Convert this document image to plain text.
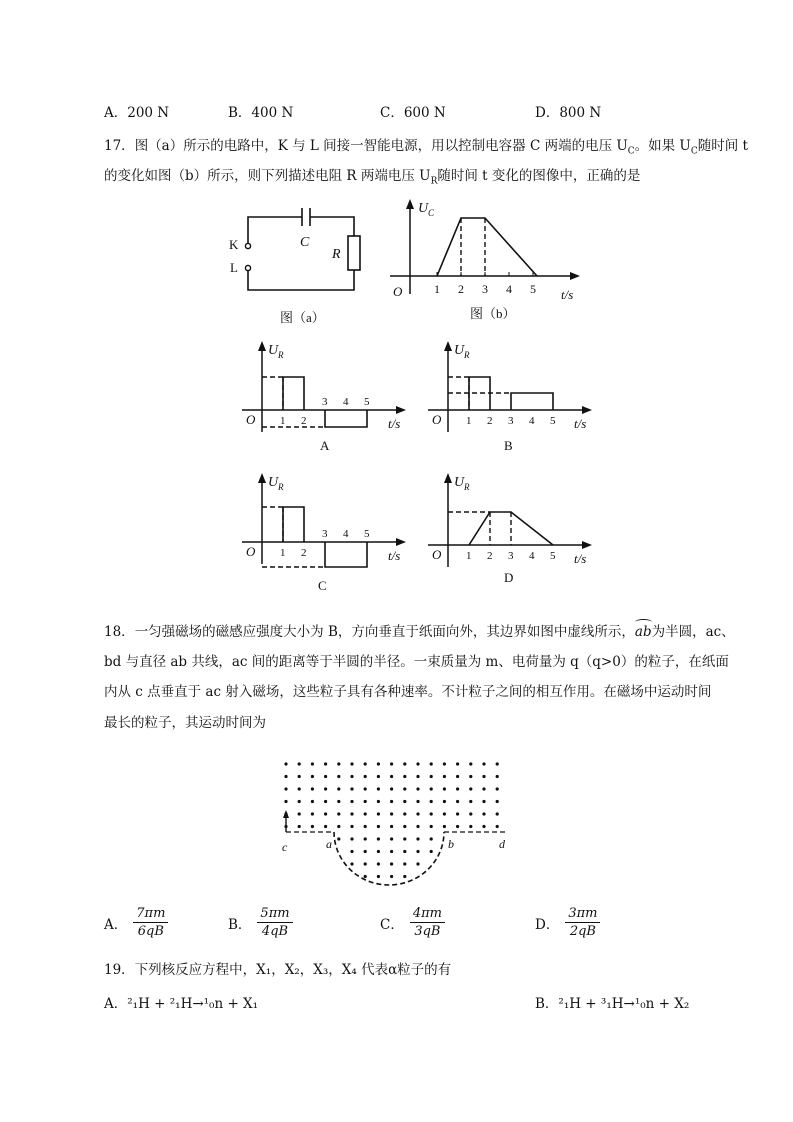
A．200 N	B．400 N	C．600 N	D．800 N
17．图（a）所示的电路中，K 与 L 间接一智能电源，用以控制电容器 C 两端的电压 $U_C$。如果 $U_C$随时间 t
的变化如图（b）所示，则下列描述电阻 R 两端电压 $U_R$随时间 t 变化的图像中，正确的是
K
L
C
R
图（a）
U C
O	1 2 3 4 5 t/s
图（b）
U R
O	t/s
1 2
3 4 5
A
U R
O	t/s
1 2 3 4 5
B
U R
O	t/s
1 2
3 4 5
C
U R
O	t/s
1 2 3 4 5
D
18．一匀强磁场的磁感应强度大小为 B，方向垂直于纸面向外，其边界如图中虚线所示，ab
为半圆，ac、
bd 与直径 ab 共线，ac 间的距离等于半圆的半径。一束质量为 m、电荷量为 q（q>0）的粒子，在纸面
内从 c 点垂直于 ac 射入磁场，这些粒子具有各种速率。不计粒子之间的相互作用。在磁场中运动时间
最长的粒子，其运动时间为
c	a	b	d
A． $\frac{7\pi m}{6qB}$	B． $\frac{5\pi m}{4qB}$	C． $\frac{4\pi m}{3qB}$	D． $\frac{3\pi m}{2qB}$
19．下列核反应方程中，X₁，X₂，X₃，X₄ 代表α粒子的有
A．²₁H + ²₁H→¹₀n + X₁	B．²₁H + ³₁H→¹₀n + X₂
